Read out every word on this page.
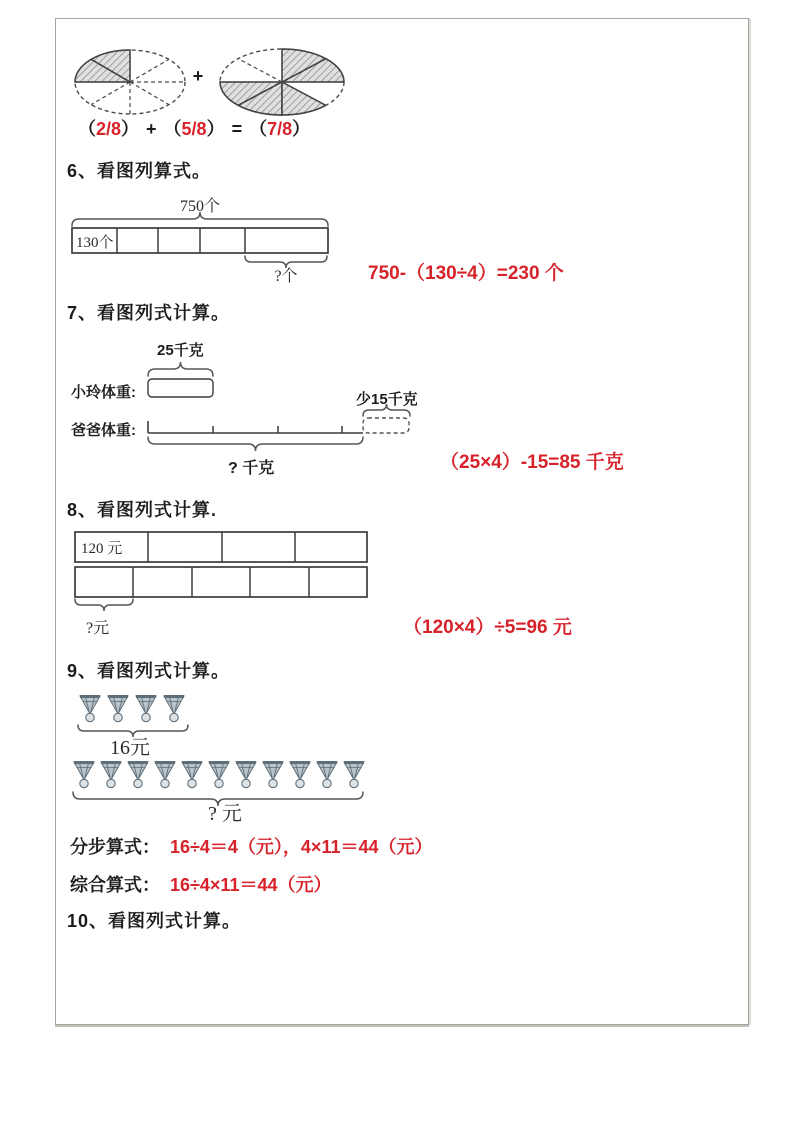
+
（ 2/8 ） + （ 5/8 ） = （ 7/8 ）
6、看图列算式。
750个
130个
?个	750-（130÷4）=230 个
7、看图列式计算。
25千克
小玲体重:	少15千克
爸爸体重:
? 千克	（25×4）-15=85 千克
8、看图列式计算.
120 元
?元	（120×4）÷5=96 元
9、看图列式计算。
16元
? 元
分步算式： 16÷4＝4（元），4×11＝44（元）
综合算式： 16÷4×11＝44（元）
10、看图列式计算。
